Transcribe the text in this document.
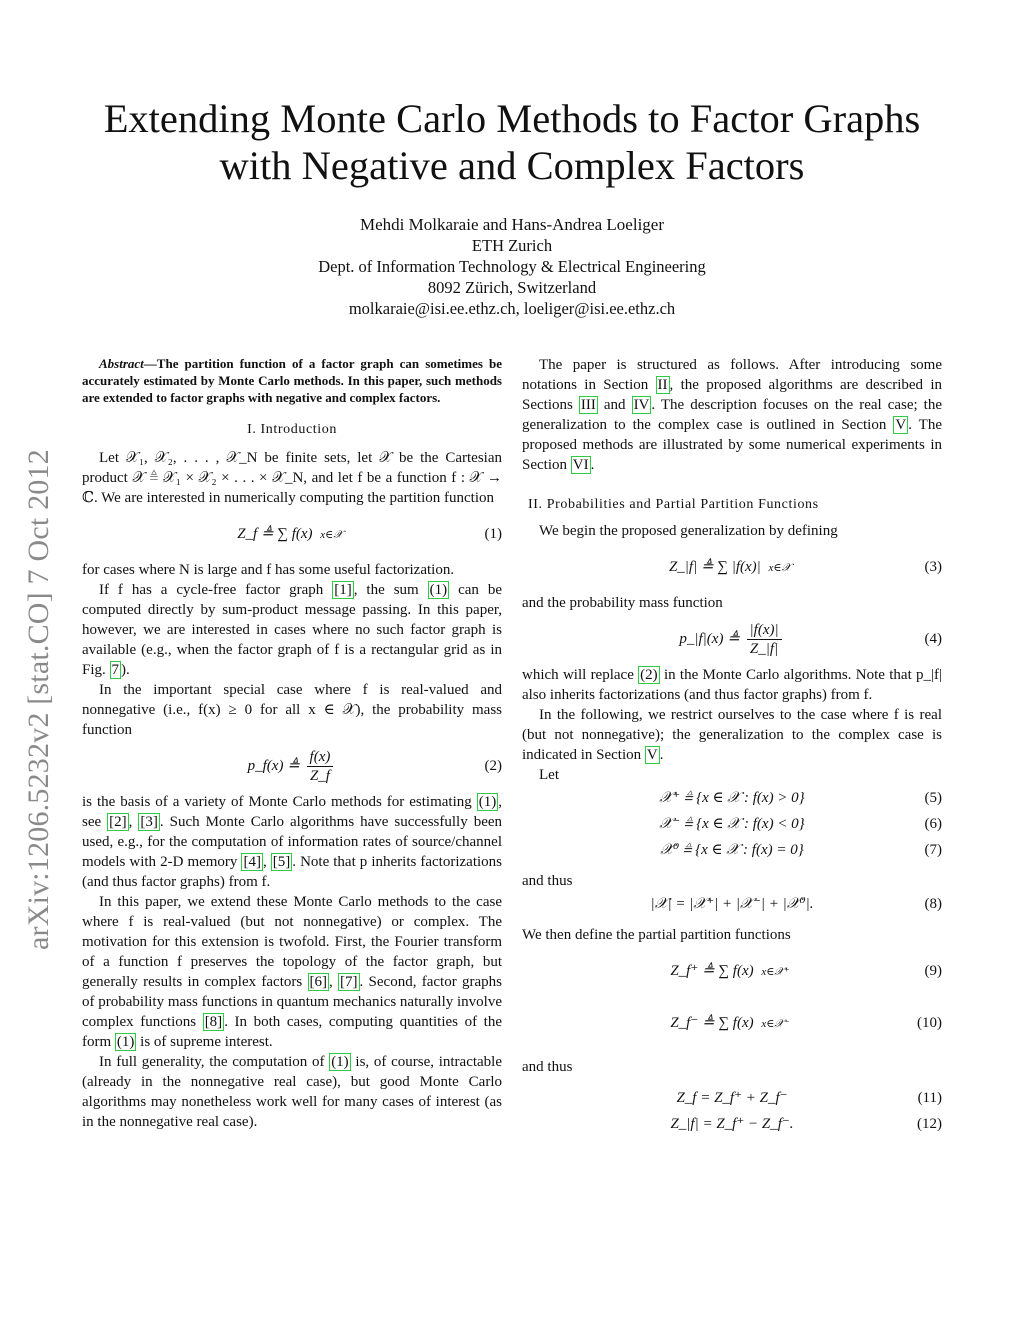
arXiv:1206.5232v2 [stat.CO] 7 Oct 2012
Extending Monte Carlo Methods to Factor Graphs
with Negative and Complex Factors
Mehdi Molkaraie and Hans-Andrea Loeliger
ETH Zurich
Dept. of Information Technology & Electrical Engineering
8092 Zürich, Switzerland
molkaraie@isi.ee.ethz.ch, loeliger@isi.ee.ethz.ch

Abstract—The partition function of a factor graph can sometimes be accurately estimated by Monte Carlo methods. In this paper, such methods are extended to factor graphs with negative and complex factors.

I. Introduction

Let 𝒳₁, 𝒳₂, . . . , 𝒳_N be finite sets, let 𝒳 be the Cartesian product 𝒳 ≜ 𝒳₁ × 𝒳₂ × . . . × 𝒳_N, and let f be a function f : 𝒳 → ℂ. We are interested in numerically computing the partition function

Z_f ≜ ∑ f(x) x∈𝒳	(1)

for cases where N is large and f has some useful factorization.

If f has a cycle-free factor graph [1] , the sum (1) can be computed directly by sum-product message passing. In this paper, however, we are interested in cases where no such factor graph is available (e.g., when the factor graph of f is a rectangular grid as in Fig. 7 ).

In the important special case where f is real-valued and nonnegative (i.e., f(x) ≥ 0 for all x ∈ 𝒳), the probability mass function

p_f(x) ≜ $\frac{f(x)}{Z\_f}$	(2)

is the basis of a variety of Monte Carlo methods for estimating (1) , see [2] , [3] . Such Monte Carlo algorithms have successfully been used, e.g., for the computation of information rates of source/channel models with 2-D memory [4] , [5] . Note that p inherits factorizations (and thus factor graphs) from f.

In this paper, we extend these Monte Carlo methods to the case where f is real-valued (but not nonnegative) or complex. The motivation for this extension is twofold. First, the Fourier transform of a function f preserves the topology of the factor graph, but generally results in complex factors [6] , [7] . Second, factor graphs of probability mass functions in quantum mechanics naturally involve complex functions [8] . In both cases, computing quantities of the form (1) is of supreme interest.

In full generality, the computation of (1) is, of course, intractable (already in the nonnegative real case), but good Monte Carlo algorithms may nonetheless work well for many cases of interest (as in the nonnegative real case).

The paper is structured as follows. After introducing some notations in Section II , the proposed algorithms are described in Sections III and IV . The description focuses on the real case; the generalization to the complex case is outlined in Section V . The proposed methods are illustrated by some numerical experiments in Section VI .

II. Probabilities and Partial Partition Functions

We begin the proposed generalization by defining

Z_|f| ≜ ∑ |f(x)| x∈𝒳	(3)

and the probability mass function

p_|f|(x) ≜ $\frac{|f(x)|}{Z\_|f|}$	(4)

which will replace (2) in the Monte Carlo algorithms. Note that p_|f| also inherits factorizations (and thus factor graphs) from f.

In the following, we restrict ourselves to the case where f is real (but not nonnegative); the generalization to the complex case is indicated in Section V .

Let

𝒳⁺ ≜ {x ∈ 𝒳 : f(x) > 0}	(5)
𝒳⁻ ≜ {x ∈ 𝒳 : f(x) < 0}	(6)
𝒳⁰ ≜ {x ∈ 𝒳 : f(x) = 0}	(7)

and thus

|𝒳| = |𝒳⁺| + |𝒳⁻| + |𝒳⁰|.	(8)

We then define the partial partition functions

Z_f⁺ ≜ ∑ f(x) x∈𝒳⁺	(9)
Z_f⁻ ≜ ∑ f(x) x∈𝒳⁻	(10)

and thus

Z_f = Z_f⁺ + Z_f⁻	(11)
Z_|f| = Z_f⁺ − Z_f⁻.	(12)
